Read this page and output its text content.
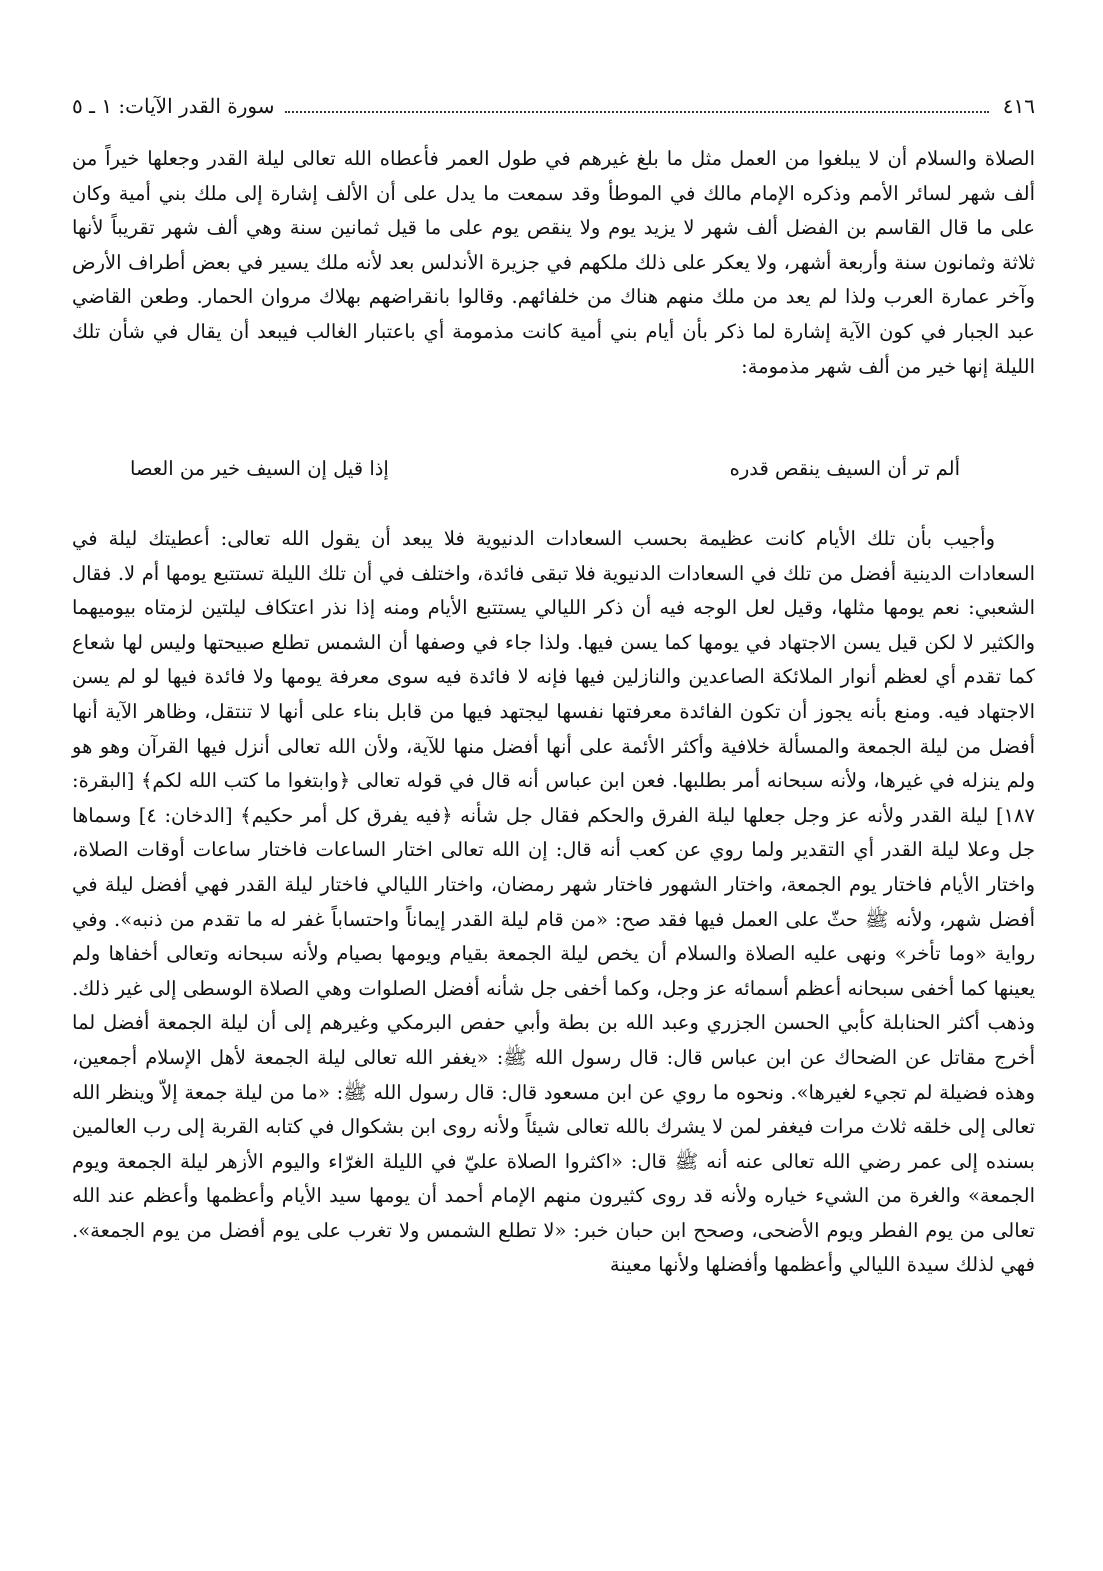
٤١٦
سورة القدر الآيات: ١ ـ ٥
الصلاة والسلام أن لا يبلغوا من العمل مثل ما بلغ غيرهم في طول العمر فأعطاه الله تعالى ليلة القدر وجعلها خيراً من ألف شهر لسائر الأمم وذكره الإمام مالك في الموطأ وقد سمعت ما يدل على أن الألف إشارة إلى ملك بني أمية وكان على ما قال القاسم بن الفضل ألف شهر لا يزيد يوم ولا ينقص يوم على ما قيل ثمانين سنة وهي ألف شهر تقريباً لأنها ثلاثة وثمانون سنة وأربعة أشهر، ولا يعكر على ذلك ملكهم في جزيرة الأندلس بعد لأنه ملك يسير في بعض أطراف الأرض وآخر عمارة العرب ولذا لم يعد من ملك منهم هناك من خلفائهم. وقالوا بانقراضهم بهلاك مروان الحمار. وطعن القاضي عبد الجبار في كون الآية إشارة لما ذكر بأن أيام بني أمية كانت مذمومة أي باعتبار الغالب فيبعد أن يقال في شأن تلك الليلة إنها خير من ألف شهر مذمومة:
ألم تر أن السيف ينقص قدره
إذا قيل إن السيف خير من العصا
وأجيب بأن تلك الأيام كانت عظيمة بحسب السعادات الدنيوية فلا يبعد أن يقول الله تعالى: أعطيتك ليلة في السعادات الدينية أفضل من تلك في السعادات الدنيوية فلا تبقى فائدة، واختلف في أن تلك الليلة تستتبع يومها أم لا. فقال الشعبي: نعم يومها مثلها، وقيل لعل الوجه فيه أن ذكر الليالي يستتبع الأيام ومنه إذا نذر اعتكاف ليلتين لزمتاه بيوميهما والكثير لا لكن قيل يسن الاجتهاد في يومها كما يسن فيها. ولذا جاء في وصفها أن الشمس تطلع صبيحتها وليس لها شعاع كما تقدم أي لعظم أنوار الملائكة الصاعدين والنازلين فيها فإنه لا فائدة فيه سوى معرفة يومها ولا فائدة فيها لو لم يسن الاجتهاد فيه. ومنع بأنه يجوز أن تكون الفائدة معرفتها نفسها ليجتهد فيها من قابل بناء على أنها لا تنتقل، وظاهر الآية أنها أفضل من ليلة الجمعة والمسألة خلافية وأكثر الأئمة على أنها أفضل منها للآية، ولأن الله تعالى أنزل فيها القرآن وهو هو ولم ينزله في غيرها، ولأنه سبحانه أمر بطلبها. فعن ابن عباس أنه قال في قوله تعالى ﴿وابتغوا ما كتب الله لكم﴾ [البقرة: ١٨٧] ليلة القدر ولأنه عز وجل جعلها ليلة الفرق والحكم فقال جل شأنه ﴿فيه يفرق كل أمر حكيم﴾ [الدخان: ٤] وسماها جل وعلا ليلة القدر أي التقدير ولما روي عن كعب أنه قال: إن الله تعالى اختار الساعات فاختار ساعات أوقات الصلاة، واختار الأيام فاختار يوم الجمعة، واختار الشهور فاختار شهر رمضان، واختار الليالي فاختار ليلة القدر فهي أفضل ليلة في أفضل شهر، ولأنه ﷺ حثّ على العمل فيها فقد صح: «من قام ليلة القدر إيماناً واحتساباً غفر له ما تقدم من ذنبه». وفي رواية «وما تأخر» ونهى عليه الصلاة والسلام أن يخص ليلة الجمعة بقيام ويومها بصيام ولأنه سبحانه وتعالى أخفاها ولم يعينها كما أخفى سبحانه أعظم أسمائه عز وجل، وكما أخفى جل شأنه أفضل الصلوات وهي الصلاة الوسطى إلى غير ذلك. وذهب أكثر الحنابلة كأبي الحسن الجزري وعبد الله بن بطة وأبي حفص البرمكي وغيرهم إلى أن ليلة الجمعة أفضل لما أخرج مقاتل عن الضحاك عن ابن عباس قال: قال رسول الله ﷺ: «يغفر الله تعالى ليلة الجمعة لأهل الإسلام أجمعين، وهذه فضيلة لم تجيء لغيرها». ونحوه ما روي عن ابن مسعود قال: قال رسول الله ﷺ: «ما من ليلة جمعة إلاّ وينظر الله تعالى إلى خلقه ثلاث مرات فيغفر لمن لا يشرك بالله تعالى شيئاً ولأنه روى ابن بشكوال في كتابه القربة إلى رب العالمين بسنده إلى عمر رضي الله تعالى عنه أنه ﷺ قال: «اكثروا الصلاة عليّ في الليلة الغرّاء واليوم الأزهر ليلة الجمعة ويوم الجمعة» والغرة من الشيء خياره ولأنه قد روى كثيرون منهم الإمام أحمد أن يومها سيد الأيام وأعظمها وأعظم عند الله تعالى من يوم الفطر ويوم الأضحى، وصحح ابن حبان خبر: «لا تطلع الشمس ولا تغرب على يوم أفضل من يوم الجمعة». فهي لذلك سيدة الليالي وأعظمها وأفضلها ولأنها معينة
